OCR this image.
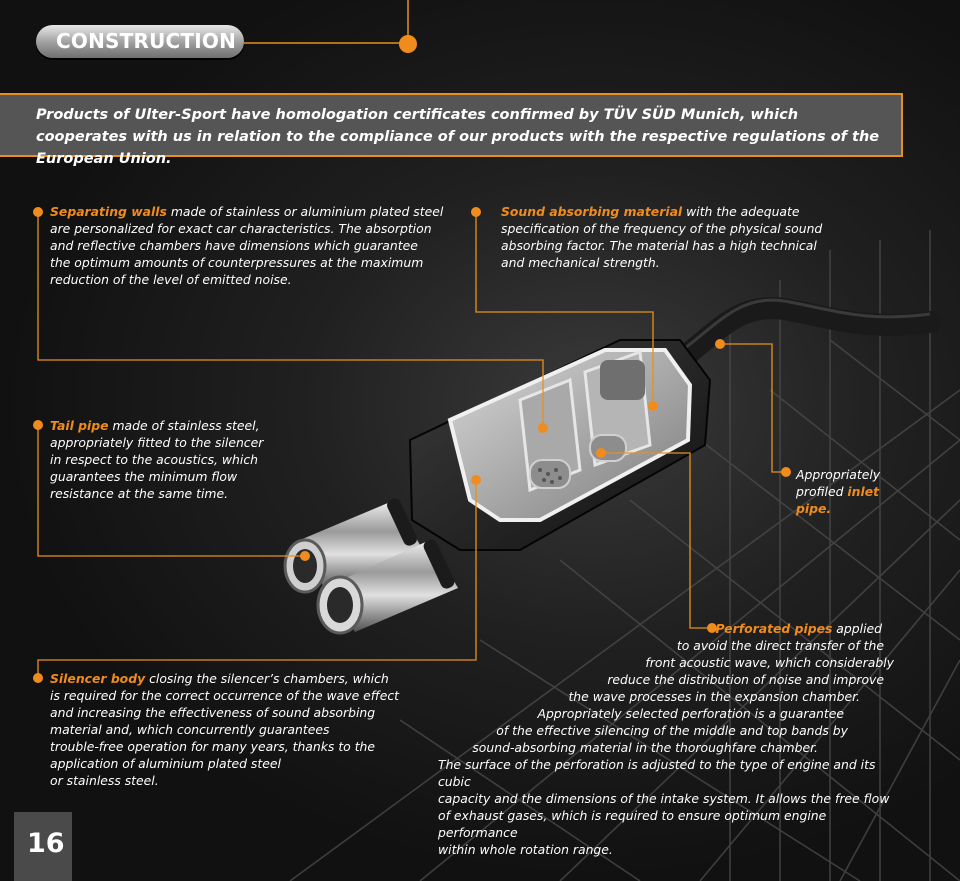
CONSTRUCTION

Products of Ulter-Sport have homologation certificates confirmed by TÜV SÜD Munich, which cooperates with us in relation to the compliance of our products with the respective regulations of the European Union.

Separating walls made of stainless or aluminium plated steel
are personalized for exact car characteristics. The absorption
and reflective chambers have dimensions which guarantee
the optimum amounts of counterpressures at the maximum
reduction of the level of emitted noise.
Sound absorbing material with the adequate
specification of the frequency of the physical sound
absorbing factor. The material has a high technical
and mechanical strength.
Tail pipe made of stainless steel,
appropriately fitted to the silencer
in respect to the acoustics, which
guarantees the minimum flow
resistance at the same time.
Appropriately
profiled inlet
pipe.
Perforated pipes applied
to avoid the direct transfer of the
front acoustic wave, which considerably
reduce the distribution of noise and improve
the wave processes in the expansion chamber.
Appropriately selected perforation is a guarantee
of the effective silencing of the middle and top bands by
sound-absorbing material in the thoroughfare chamber.
The surface of the perforation is adjusted to the type of engine and its cubic
capacity and the dimensions of the intake system. It allows the free flow
of exhaust gases, which is required to ensure optimum engine performance
within whole rotation range.
Silencer body closing the silencer’s chambers, which
is required for the correct occurrence of the wave effect
and increasing the effectiveness of sound absorbing
material and, which concurrently guarantees
trouble-free operation for many years, thanks to the
application of aluminium plated steel
or stainless steel.
16
